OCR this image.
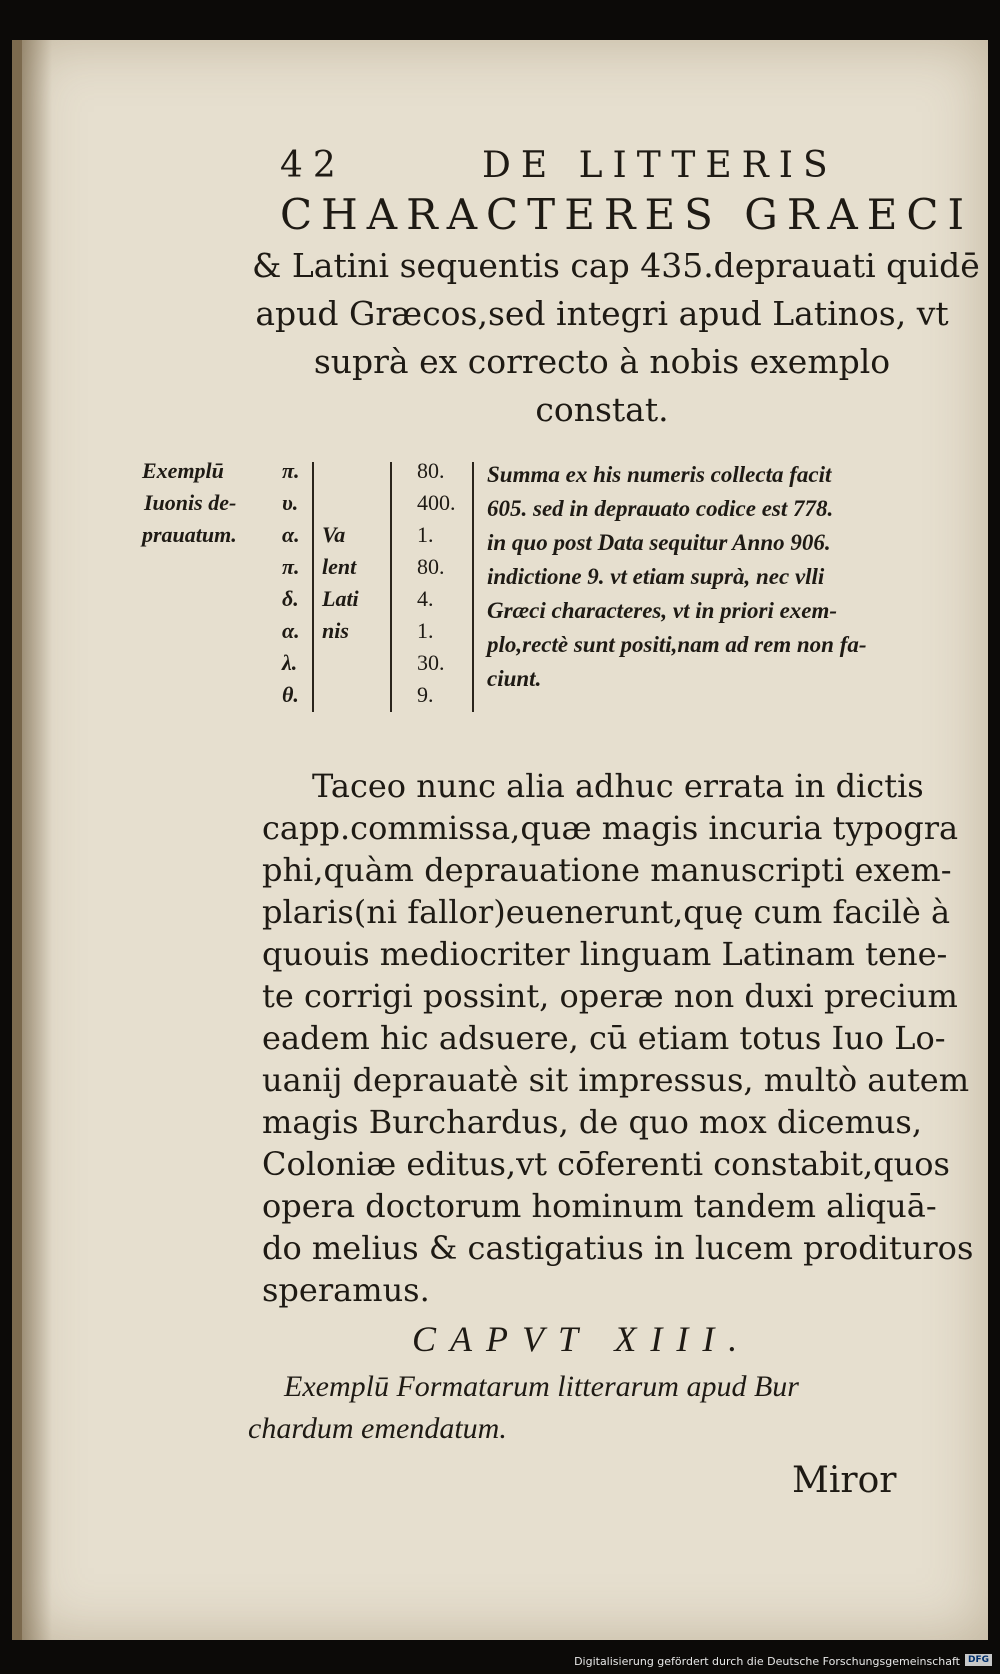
42	DE LITTERIS
CHARACTERES GRAECI
& Latini sequentis cap 435.deprauati quidē
apud Græcos,sed integri apud Latinos, vt
suprà ex correcto à nobis exemplo
constat.
Exemplū
Iuonis de-
prauatum.
π.
υ.
α.
π.
δ.
α.
λ.
θ.
Va
lent
Lati
nis
80.
400.
1.
80.
4.
1.
30.
9.
Summa ex his numeris collecta facit
605. sed in deprauato codice est 778.
in quo post Data sequitur Anno 906.
indictione 9. vt etiam suprà, nec vlli
Græci characteres, vt in priori exem-
plo,rectè sunt positi,nam ad rem non fa-
ciunt.
Taceo nunc alia adhuc errata in dictis
capp.commissa,quæ magis incuria typogra
phi,quàm deprauatione manuscripti exem-
plaris(ni fallor)euenerunt,quę cum facilè à
quouis mediocriter linguam Latinam tene-
te corrigi possint, operæ non duxi precium
eadem hic adsuere, cū etiam totus Iuo Lo-
uanij deprauatè sit impressus, multò autem
magis Burchardus, de quo mox dicemus,
Coloniæ editus,vt cōferenti constabit,quos
opera doctorum hominum tandem aliquā-
do melius & castigatius in lucem prodituros
speramus.
CAPVT XIII.
Exemplū Formatarum litterarum apud Bur
chardum emendatum.
Miror
Digitalisierung gefördert durch die Deutsche Forschungsgemeinschaft DFG
